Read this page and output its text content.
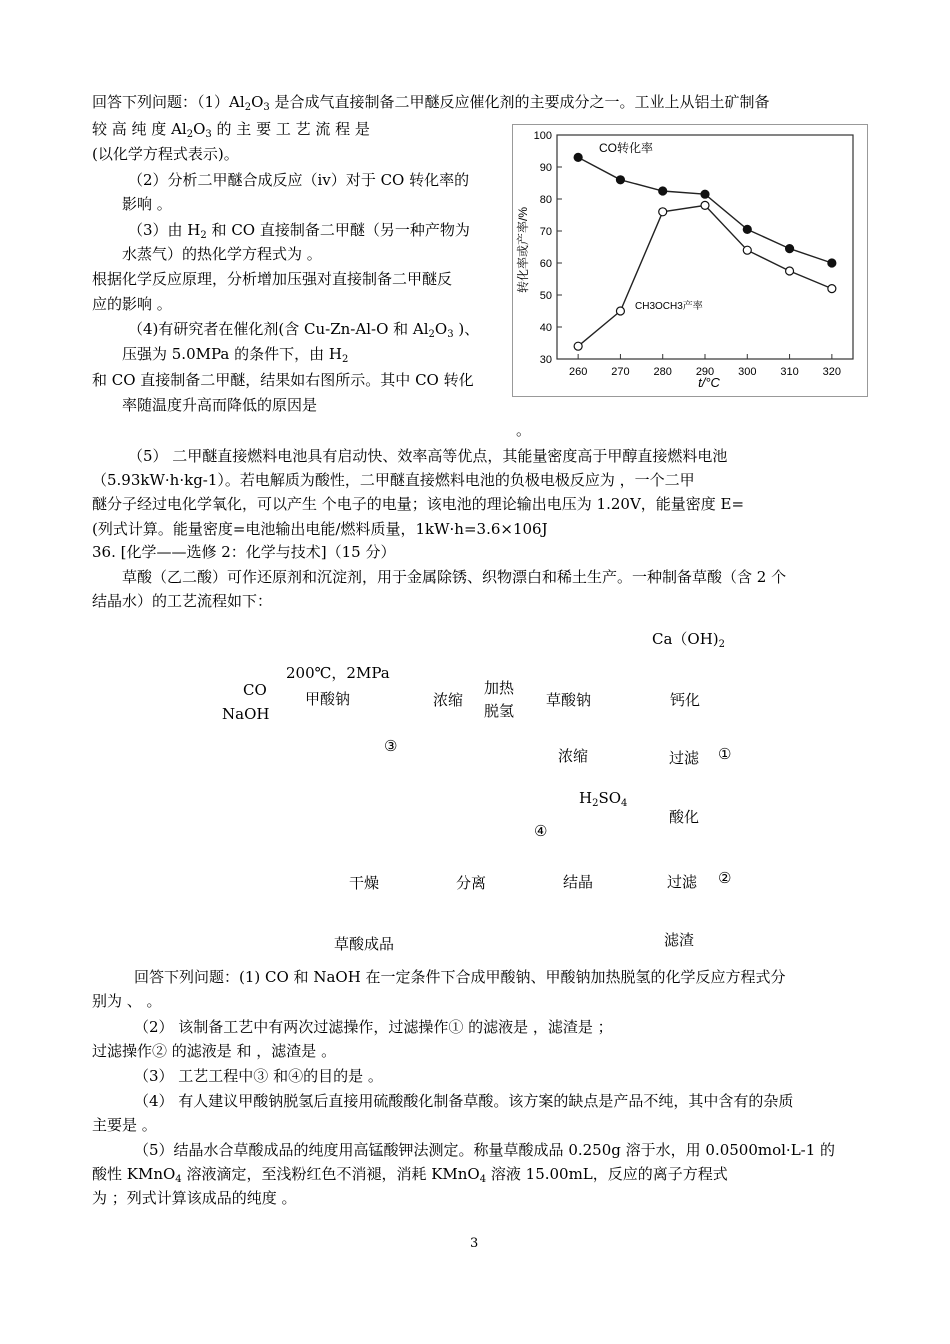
回答下列问题：$(1)Al_2O_3$ 是合成气直接制备二甲醚反应催化剂的主要成分之一。工业上从铝土矿制备
较 高 纯 度 $Al_2O_3$ 的 主 要 工 艺 流 程 是
(以化学方程式表示)。
（2）分析二甲醚合成反应（ⅳ）对于 CO 转化率的
影响 。
（3）由 $H_2$ 和 CO 直接制备二甲醚（另一种产物为
水蒸气）的热化学方程式为 。
根据化学反应原理，分析增加压强对直接制备二甲醚反
应的影响 。
（4)有研究者在催化剂(含 Cu-Zn-Al-O 和 $Al_2O_3$ )、
压强为 5.0MPa 的条件下，由 $H_2$
和 CO 直接制备二甲醚，结果如右图所示。其中 CO 转化
率随温度升高而降低的原因是
。
转化率或产率/%
t/°C
30
40
50
60
70
80
90
100
260 270 280 290 300 310 320
CO转化率
CH3OCH3产率
（5） 二甲醚直接燃料电池具有启动快、效率高等优点，其能量密度高于甲醇直接燃料电池
（5.93kW·h·kg-1）。若电解质为酸性，二甲醚直接燃料电池的负极电极反应为 ，一个二甲
醚分子经过电化学氧化，可以产生 个电子的电量；该电池的理论输出电压为 1.20V，能量密度 E=
(列式计算。能量密度=电池输出电能/燃料质量，1kW·h=3.6×106J
36. [化学——选修 2：化学与技术]（15 分）
草酸（乙二酸）可作还原剂和沉淀剂，用于金属除锈、织物漂白和稀土生产。一种制备草酸（含 2 个
结晶水）的工艺流程如下：
$Ca(OH)_2$
200℃，2MPa
CO
NaOH
甲酸钠	浓缩
加热
脱氢
草酸钠	钙化
③
浓缩	过滤 ①
$H_2SO_4$
酸化
④
干燥	分离	结晶	过滤 ②
草酸成品	滤渣
回答下列问题：(1) CO 和 NaOH 在一定条件下合成甲酸钠、甲酸钠加热脱氢的化学反应方程式分
别为 、 。
（2） 该制备工艺中有两次过滤操作，过滤操作① 的滤液是 ，滤渣是 ；
过滤操作② 的滤液是 和 ，滤渣是 。
（3） 工艺工程中③ 和④的目的是 。
（4） 有人建议甲酸钠脱氢后直接用硫酸酸化制备草酸。该方案的缺点是产品不纯，其中含有的杂质
主要是 。
（5）结晶水合草酸成品的纯度用高锰酸钾法测定。称量草酸成品 0.250g 溶于水，用 0.0500mol·L-1 的
酸性 KMnO$_4$ 溶液滴定，至浅粉红色不消褪，消耗 KMnO$_4$ 溶液 15.00mL，反应的离子方程式
为 ；列式计算该成品的纯度 。
3
